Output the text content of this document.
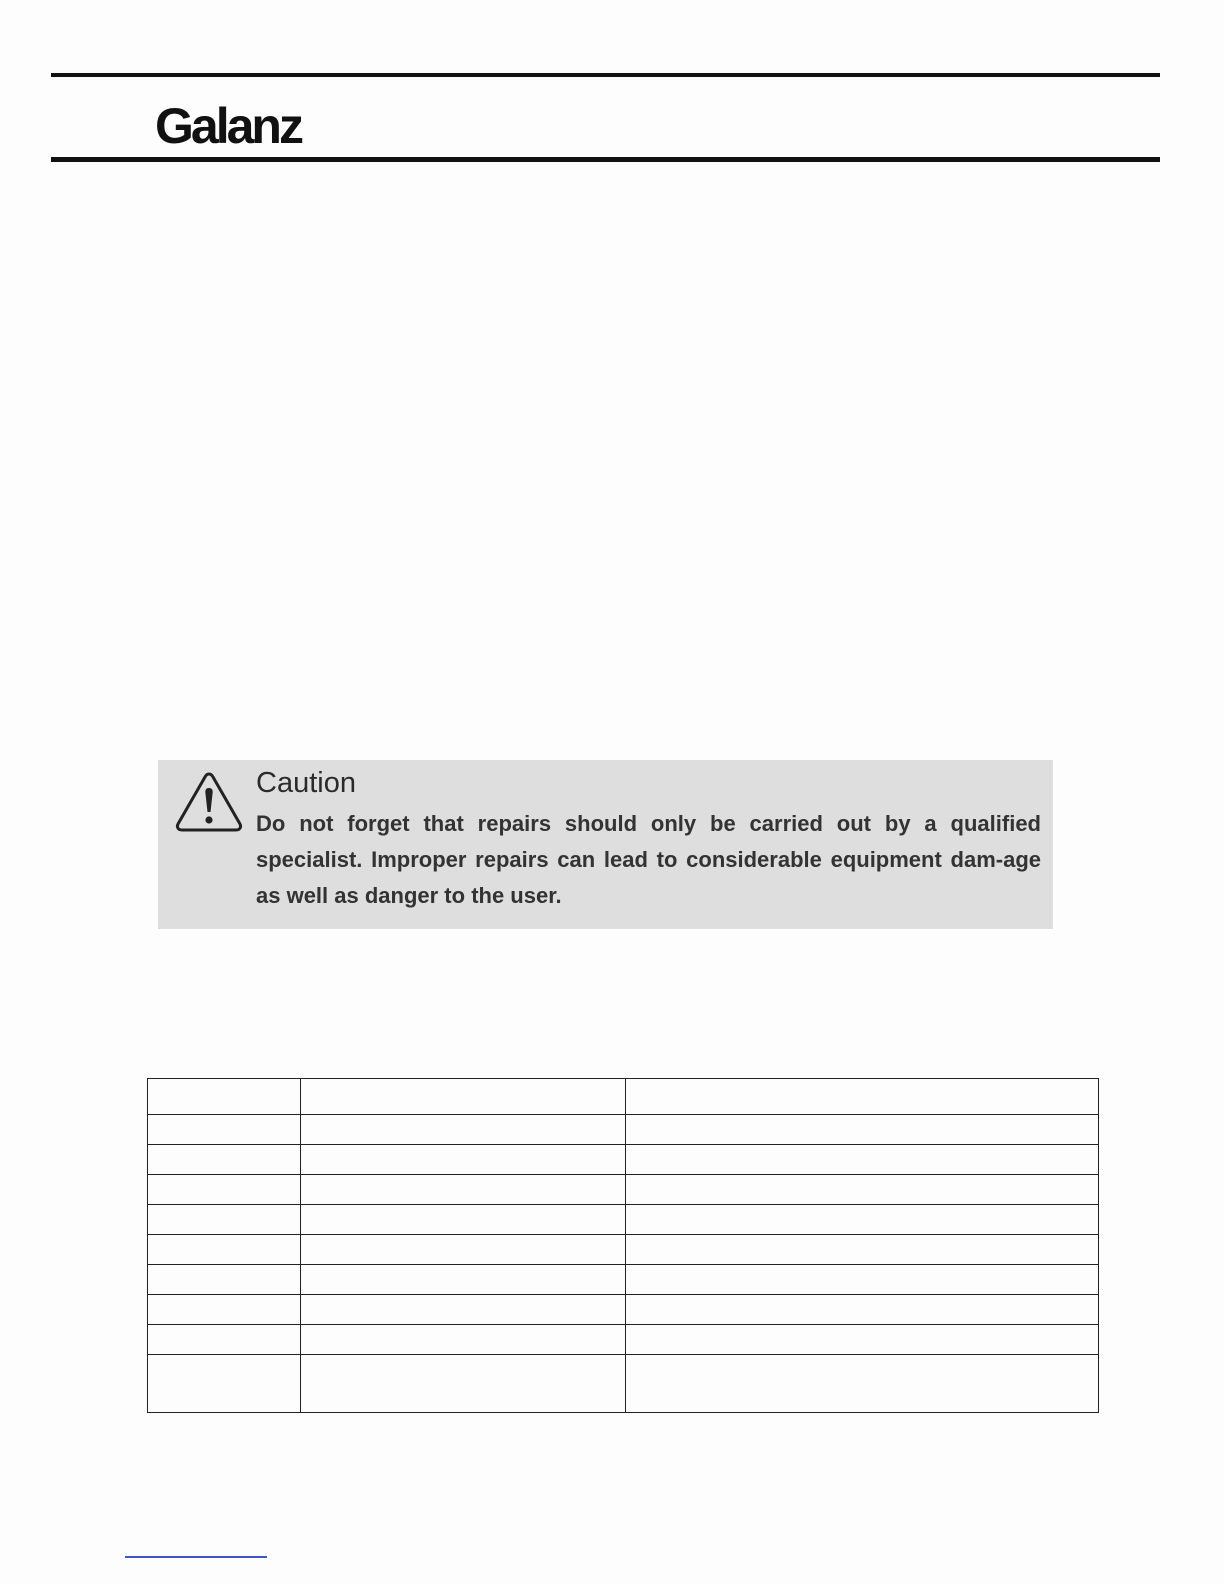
Galanz
Caution
Do not forget that repairs should only be carried out by a qualified specialist. Improper repairs can lead to considerable equipment dam-age as well as danger to the user.
